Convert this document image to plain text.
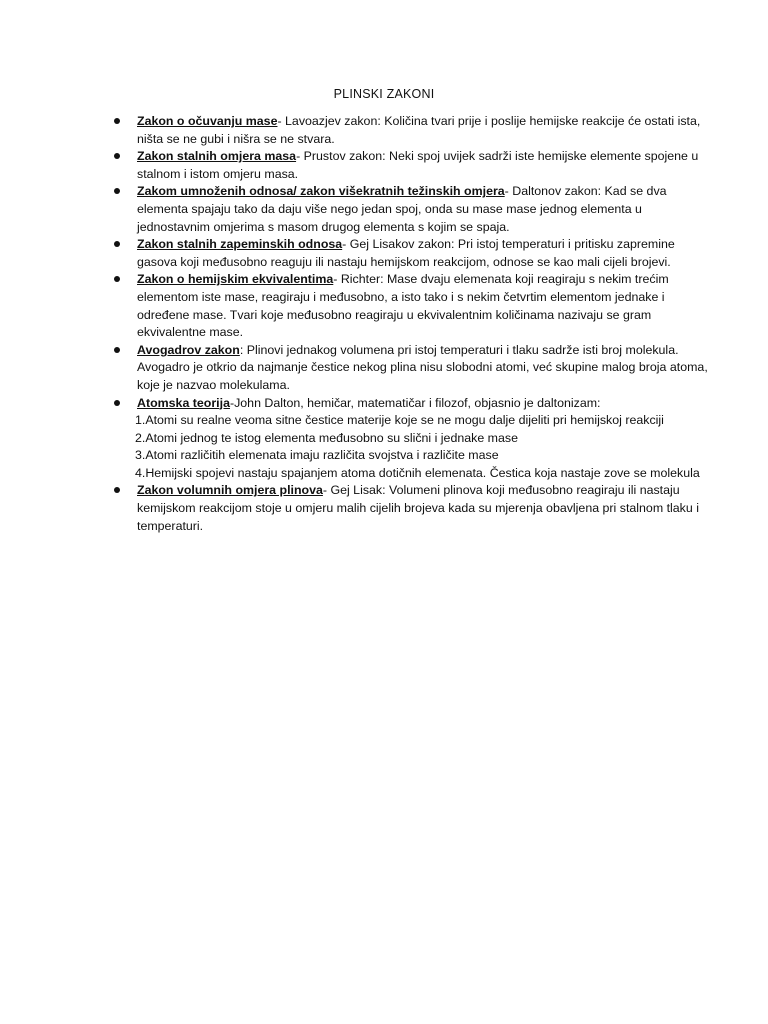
PLINSKI ZAKONI
Zakon o očuvanju mase- Lavoazjev zakon: Količina tvari prije i poslije hemijske reakcije će ostati ista, ništa se ne gubi i nišra se ne stvara.
Zakon stalnih omjera masa- Prustov zakon: Neki spoj uvijek sadrži iste hemijske elemente spojene u stalnom i istom omjeru masa.
Zakom umnoženih odnosa/ zakon višekratnih težinskih omjera- Daltonov zakon: Kad se dva elementa spajaju tako da daju više nego jedan spoj, onda su mase mase jednog elementa u jednostavnim omjerima s masom drugog elementa s kojim se spaja.
Zakon stalnih zapeminskih odnosa- Gej Lisakov zakon: Pri istoj temperaturi i pritisku zapremine gasova koji međusobno reaguju ili nastaju hemijskom reakcijom, odnose se kao mali cijeli brojevi.
Zakon o hemijskim ekvivalentima- Richter: Mase dvaju elemenata koji reagiraju s nekim trećim elementom iste mase, reagiraju i međusobno, a isto tako i s nekim četvrtim elementom jednake i određene mase. Tvari koje međusobno reagiraju u ekvivalentnim količinama nazivaju se gram ekvivalentne mase.
Avogadrov zakon: Plinovi jednakog volumena pri istoj temperaturi i tlaku sadrže isti broj molekula. Avogadro je otkrio da najmanje čestice nekog plina nisu slobodni atomi, već skupine malog broja atoma, koje je nazvao molekulama.
Atomska teorija-John Dalton, hemičar, matematičar i filozof, objasnio je daltonizam:
1.Atomi su realne veoma sitne čestice materije koje se ne mogu dalje dijeliti pri hemijskoj reakciji
2.Atomi jednog te istog elementa međusobno su slični i jednake mase
3.Atomi različitih elemenata imaju različita svojstva i različite mase
4.Hemijski spojevi nastaju spajanjem atoma dotičnih elemenata. Čestica koja nastaje zove se molekula
Zakon volumnih omjera plinova- Gej Lisak: Volumeni plinova koji međusobno reagiraju ili nastaju kemijskom reakcijom stoje u omjeru malih cijelih brojeva kada su mjerenja obavljena pri stalnom tlaku i temperaturi.
